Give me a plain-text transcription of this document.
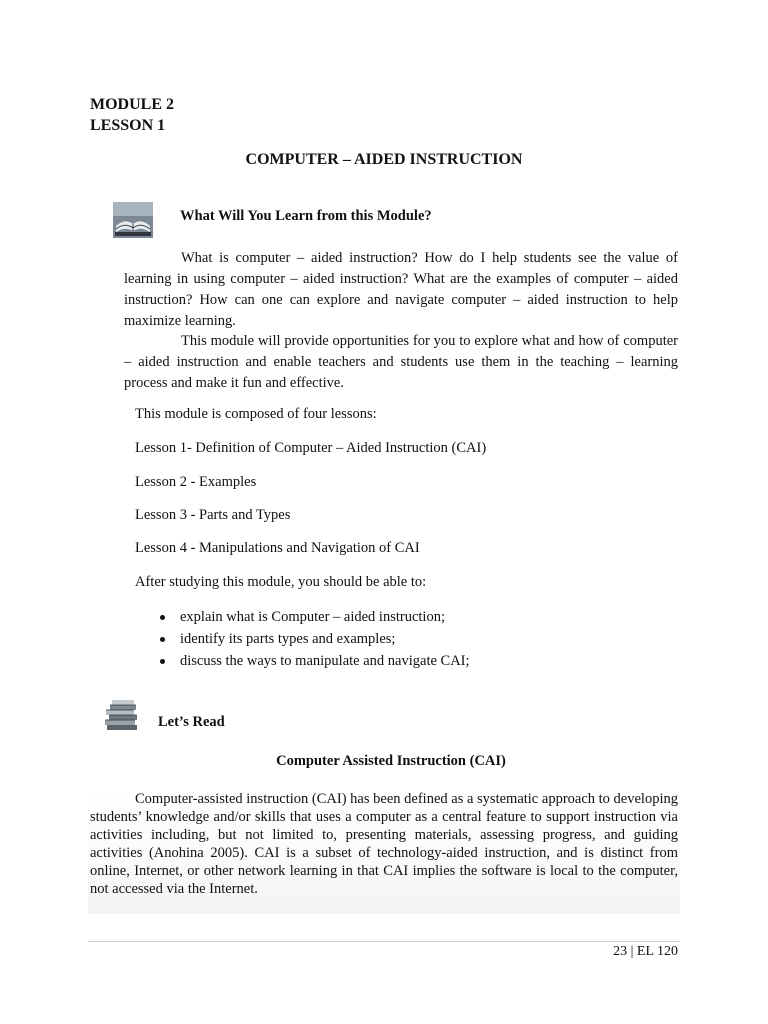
MODULE 2
LESSON 1
COMPUTER – AIDED INSTRUCTION
What Will You Learn from this Module?

What is computer – aided instruction? How do I help students see the value of learning in using computer – aided instruction? What are the examples of computer – aided instruction? How can one can explore and navigate computer – aided instruction to help maximize learning.

This module will provide opportunities for you to explore what and how of computer – aided instruction and enable teachers and students use them in the teaching – learning process and make it fun and effective.

This module is composed of four lessons:
Lesson 1- Definition of Computer – Aided Instruction (CAI)
Lesson 2 - Examples
Lesson 3 - Parts and Types
Lesson 4 - Manipulations and Navigation of CAI
After studying this module, you should be able to:
explain what is Computer – aided instruction;
identify its parts types and examples;
discuss the ways to manipulate and navigate CAI;
Let’s Read
Computer Assisted Instruction (CAI)

Computer-assisted instruction (CAI) has been defined as a systematic approach to developing students’ knowledge and/or skills that uses a computer as a central feature to support instruction via activities including, but not limited to, presenting materials, assessing progress, and guiding activities (Anohina 2005). CAI is a subset of technology-aided instruction, and is distinct from online, Internet, or other network learning in that CAI implies the software is local to the computer, not accessed via the Internet.

23 | EL 120
